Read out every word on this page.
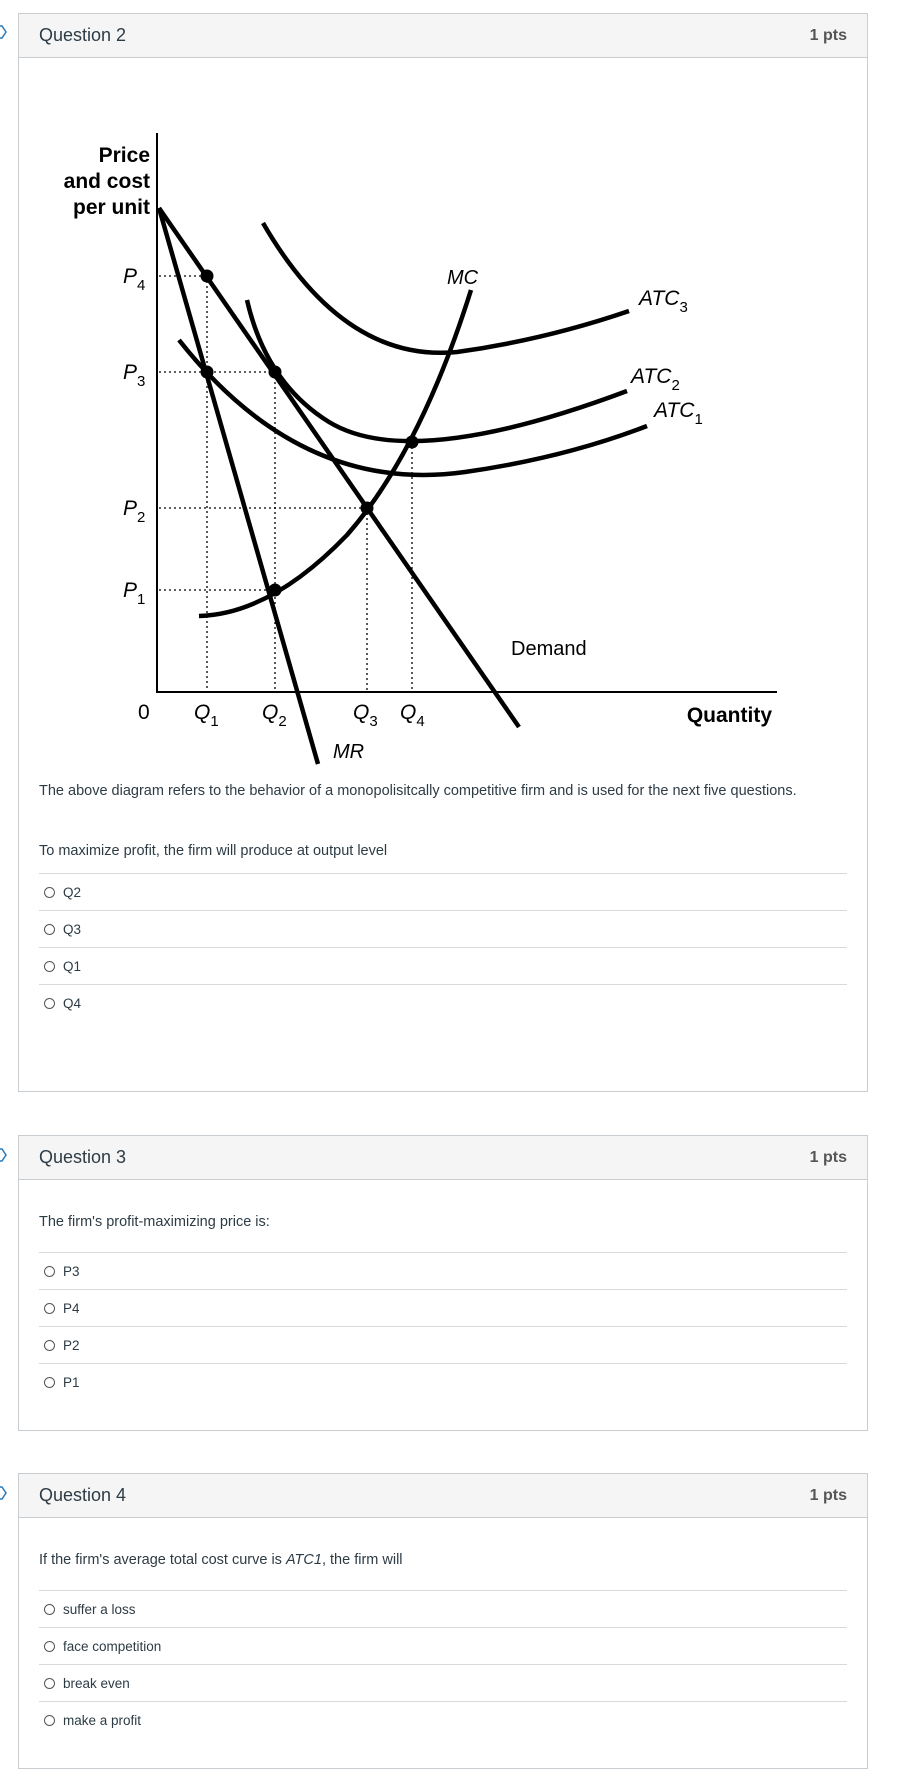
Question 2	1 pts
Price
and cost
per unit
$P_4$
$P_3$
$P_2$
$P_1$
0 $Q_1$ $Q_2$	$Q_3$ $Q_4$	Quantity
MC
$ATC_3$
$ATC_2$
$ATC_1$
Demand
MR
The above diagram refers to the behavior of a monopolisitcally competitive firm and is used for the next five questions.
To maximize profit, the firm will produce at output level
Q2
Q3
Q1
Q4
Question 3	1 pts
The firm's profit-maximizing price is:
P3
P4
P2
P1
Question 4	1 pts
If the firm's average total cost curve is ATC1, the firm will
suffer a loss
face competition
break even
make a profit
